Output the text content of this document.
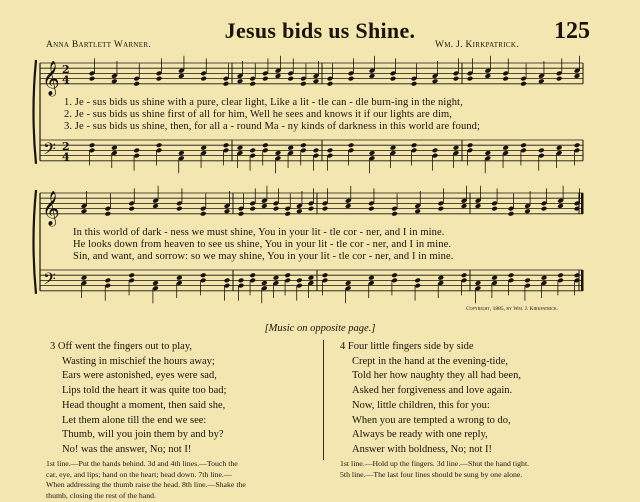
125
Jesus bids us Shine.
Anna Bartlett Warner.	Wm. J. Kirkpatrick.
𝄞
𝄢
2
4
2
4
𝄞
𝄢
1. Je - sus bids us shine with a pure, clear light, Like a lit - tle can - dle burn-ing in the night,
2. Je - sus bids us shine first of all for him, Well he sees and knows it if our lights are dim,
3. Je - sus bids us shine, then, for all a - round Ma - ny kinds of darkness in this world are found;
In this world of dark - ness we must shine, You in your lit - tle cor - ner, and I in mine.
He looks down from heaven to see us shine, You in your lit - tle cor - ner, and I in mine.
Sin, and want, and sorrow: so we may shine, You in your lit - tle cor - ner, and I in mine.
Copyright, 1885, by Wm. J. Kirkpatrick.
[Music on opposite page.]
3 Off went the fingers out to play,
Wasting in mischief the hours away;
Ears were astonished, eyes were sad,
Lips told the heart it was quite too bad;
Head thought a moment, then said she,
Let them alone till the end we see:
Thumb, will you join them by and by?
No! was the answer, No; not I!
4 Four little fingers side by side
Crept in the hand at the evening-tide,
Told her how naughty they all had been,
Asked her forgiveness and love again.
Now, little children, this for you:
When you are tempted a wrong to do,
Always be ready with one reply,
Answer with boldness, No; not I!
1st line.—Put the hands behind. 3d and 4th lines.—Touch the
car, eye, and lips; hand on the heart; head down. 7th line.—
When addressing the thumb raise the head. 8th line.—Shake the
thumb, closing the rest of the hand.
1st line.—Hold up the fingers. 3d line.—Shut the hand tight.
5th line.—The last four lines should be sung by one alone.
